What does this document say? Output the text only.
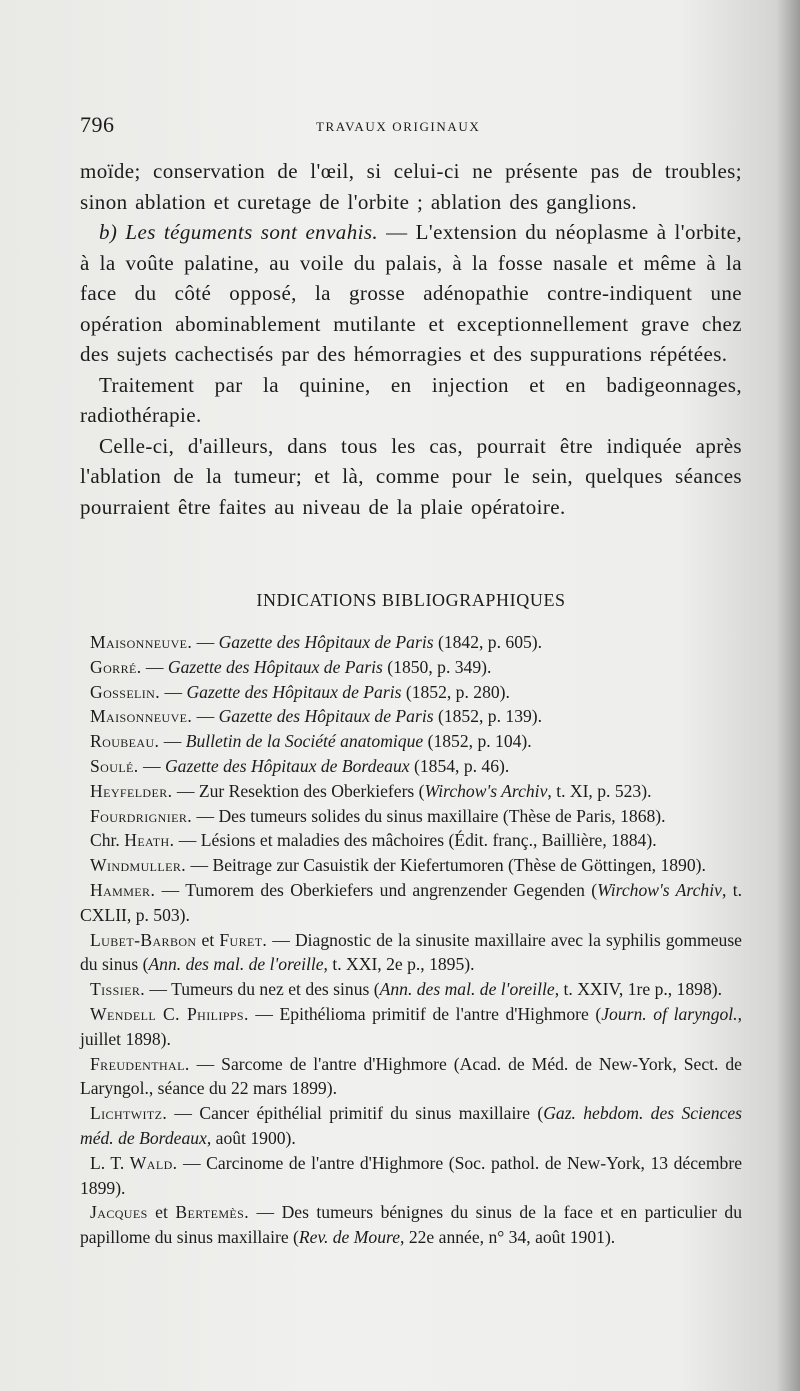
796	TRAVAUX ORIGINAUX

moïde; conservation de l'œil, si celui-ci ne présente pas de troubles; sinon ablation et curetage de l'orbite ; ablation des ganglions.

b) Les téguments sont envahis. — L'extension du néoplasme à l'orbite, à la voûte palatine, au voile du palais, à la fosse nasale et même à la face du côté opposé, la grosse adénopathie contre-indiquent une opération abominablement mutilante et exceptionnellement grave chez des sujets cachectisés par des hémorragies et des suppurations répétées.

Traitement par la quinine, en injection et en badigeonnages, radiothérapie.

Celle-ci, d'ailleurs, dans tous les cas, pourrait être indiquée après l'ablation de la tumeur; et là, comme pour le sein, quelques séances pourraient être faites au niveau de la plaie opératoire.

INDICATIONS BIBLIOGRAPHIQUES

Maisonneuve. — Gazette des Hôpitaux de Paris (1842, p. 605).

Gorré. — Gazette des Hôpitaux de Paris (1850, p. 349).

Gosselin. — Gazette des Hôpitaux de Paris (1852, p. 280).

Maisonneuve. — Gazette des Hôpitaux de Paris (1852, p. 139).

Roubeau. — Bulletin de la Société anatomique (1852, p. 104).

Soulé. — Gazette des Hôpitaux de Bordeaux (1854, p. 46).

Heyfelder. — Zur Resektion des Oberkiefers (Wirchow's Archiv, t. XI, p. 523).

Fourdrignier. — Des tumeurs solides du sinus maxillaire (Thèse de Paris, 1868).

Chr. Heath. — Lésions et maladies des mâchoires (Édit. franç., Baillière, 1884).

Windmuller. — Beitrage zur Casuistik der Kiefertumoren (Thèse de Göttingen, 1890).

Hammer. — Tumorem des Oberkiefers und angrenzender Gegenden (Wirchow's Archiv, t. CXLII, p. 503).

Lubet-Barbon et Furet. — Diagnostic de la sinusite maxillaire avec la syphilis gommeuse du sinus (Ann. des mal. de l'oreille, t. XXI, 2e p., 1895).

Tissier. — Tumeurs du nez et des sinus (Ann. des mal. de l'oreille, t. XXIV, 1re p., 1898).

Wendell C. Philipps. — Epithélioma primitif de l'antre d'Highmore (Journ. of laryngol., juillet 1898).

Freudenthal. — Sarcome de l'antre d'Highmore (Acad. de Méd. de New-York, Sect. de Laryngol., séance du 22 mars 1899).

Lichtwitz. — Cancer épithélial primitif du sinus maxillaire (Gaz. hebdom. des Sciences méd. de Bordeaux, août 1900).

L. T. Wald. — Carcinome de l'antre d'Highmore (Soc. pathol. de New-York, 13 décembre 1899).

Jacques et Bertemès. — Des tumeurs bénignes du sinus de la face et en particulier du papillome du sinus maxillaire (Rev. de Moure, 22e année, n° 34, août 1901).
